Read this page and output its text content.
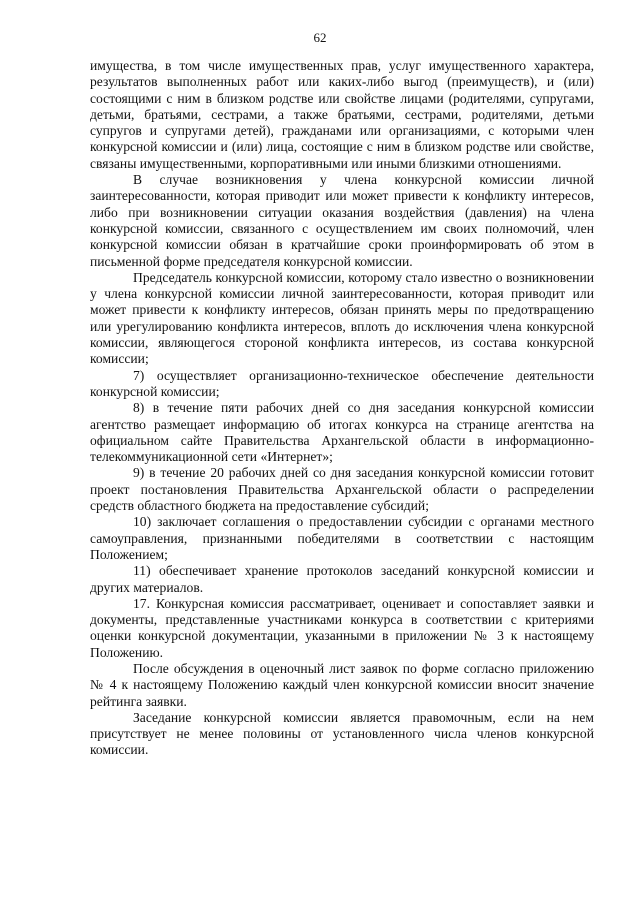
62

имущества, в том числе имущественных прав, услуг имущественного характера, результатов выполненных работ или каких-либо выгод (преимуществ), и (или) состоящими с ним в близком родстве или свойстве лицами (родителями, супругами, детьми, братьями, сестрами, а также братьями, сестрами, родителями, детьми супругов и супругами детей), гражданами или организациями, с которыми член конкурсной комиссии и (или) лица, состоящие с ним в близком родстве или свойстве, связаны имущественными, корпоративными или иными близкими отношениями.

В случае возникновения у члена конкурсной комиссии личной заинтересованности, которая приводит или может привести к конфликту интересов, либо при возникновении ситуации оказания воздействия (давления) на члена конкурсной комиссии, связанного с осуществлением им своих полномочий, член конкурсной комиссии обязан в кратчайшие сроки проинформировать об этом в письменной форме председателя конкурсной комиссии.

Председатель конкурсной комиссии, которому стало известно о возникновении у члена конкурсной комиссии личной заинтересованности, которая приводит или может привести к конфликту интересов, обязан принять меры по предотвращению или урегулированию конфликта интересов, вплоть до исключения члена конкурсной комиссии, являющегося стороной конфликта интересов, из состава конкурсной комиссии;

7) осуществляет организационно-техническое обеспечение деятельности конкурсной комиссии;

8) в течение пяти рабочих дней со дня заседания конкурсной комиссии агентство размещает информацию об итогах конкурса на странице агентства на официальном сайте Правительства Архангельской области в информационно-телекоммуникационной сети «Интернет»;

9) в течение 20 рабочих дней со дня заседания конкурсной комиссии готовит проект постановления Правительства Архангельской области о распределении средств областного бюджета на предоставление субсидий;

10) заключает соглашения о предоставлении субсидии с органами местного самоуправления, признанными победителями в соответствии с настоящим Положением;

11) обеспечивает хранение протоколов заседаний конкурсной комиссии и других материалов.

17. Конкурсная комиссия рассматривает, оценивает и сопоставляет заявки и документы, представленные участниками конкурса в соответствии с критериями оценки конкурсной документации, указанными в приложении № 3 к настоящему Положению.

После обсуждения в оценочный лист заявок по форме согласно приложению № 4 к настоящему Положению каждый член конкурсной комиссии вносит значение рейтинга заявки.

Заседание конкурсной комиссии является правомочным, если на нем присутствует не менее половины от установленного числа членов конкурсной комиссии.
